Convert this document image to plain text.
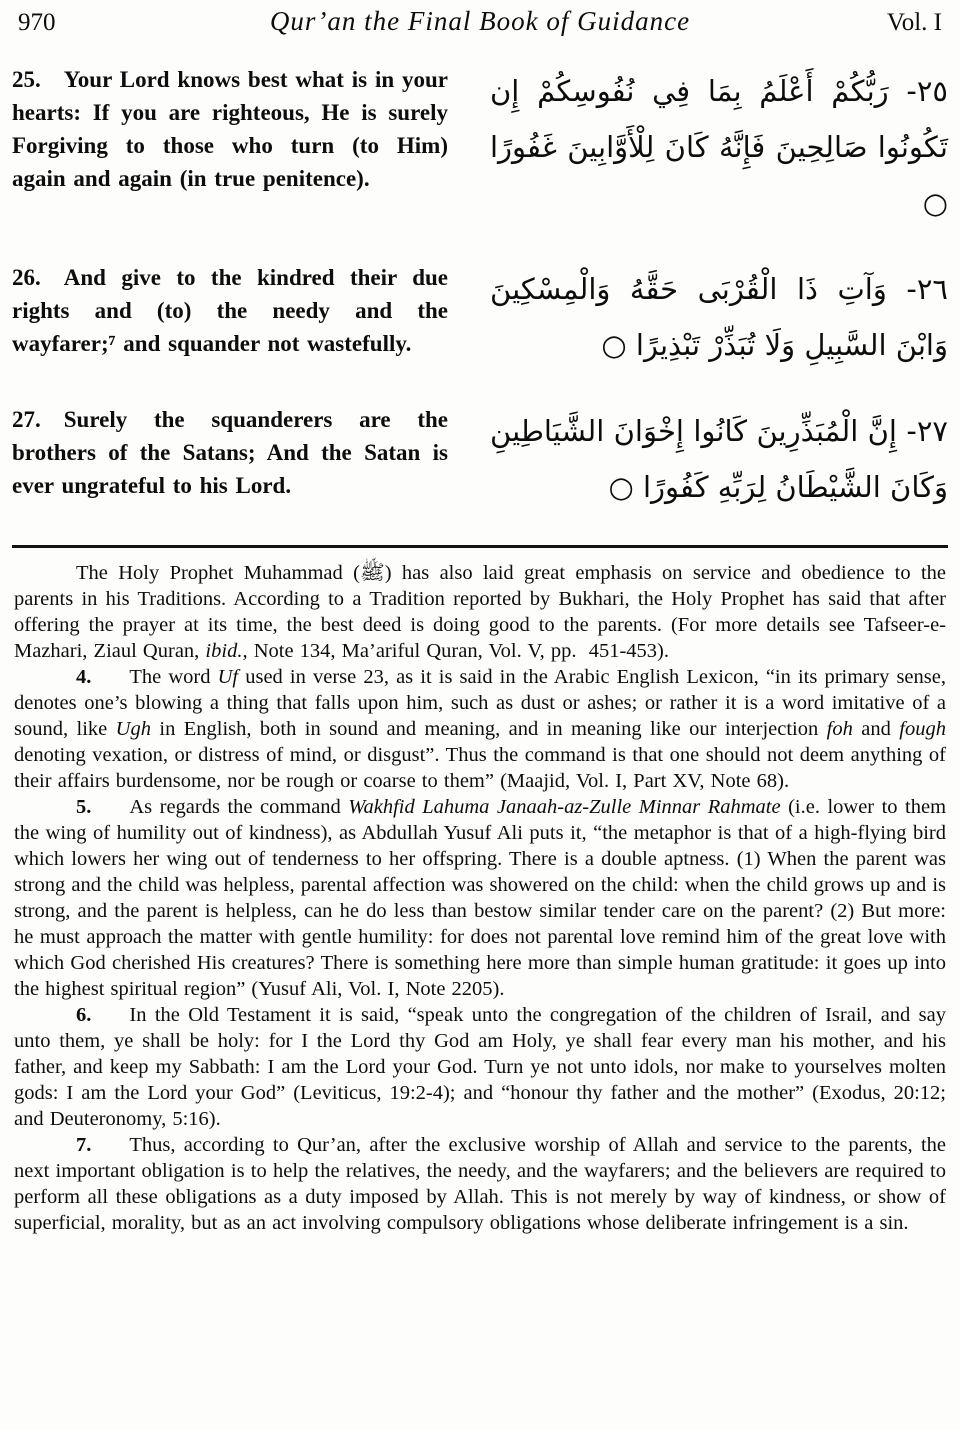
970	Qur’an the Final Book of Guidance	Vol. I

25. Your Lord knows best what is in your hearts: If you are righteous, He is surely Forgiving to those who turn (to Him) again and again (in true penitence).

٢٥- رَبُّكُمْ أَعْلَمُ بِمَا فِي نُفُوسِكُمْ إِن تَكُونُوا صَالِحِينَ فَإِنَّهُ كَانَ لِلْأَوَّابِينَ غَفُورًا ○

26. And give to the kindred their due rights and (to) the needy and the wayfarer;⁷ and squander not wastefully.

٢٦- وَآتِ ذَا الْقُرْبَى حَقَّهُ وَالْمِسْكِينَ وَابْنَ السَّبِيلِ وَلَا تُبَذِّرْ تَبْذِيرًا ○

27. Surely the squanderers are the brothers of the Satans; And the Satan is ever ungrateful to his Lord.

٢٧- إِنَّ الْمُبَذِّرِينَ كَانُوا إِخْوَانَ الشَّيَاطِينِ وَكَانَ الشَّيْطَانُ لِرَبِّهِ كَفُورًا ○

The Holy Prophet Muhammad (ﷺ) has also laid great emphasis on service and obedience to the parents in his Traditions. According to a Tradition reported by Bukhari, the Holy Prophet has said that after offering the prayer at its time, the best deed is doing good to the parents. (For more details see Tafseer-e-Mazhari, Ziaul Quran, ibid., Note 134, Ma’ariful Quran, Vol. V, pp.  451-453).

4. The word Uf used in verse 23, as it is said in the Arabic English Lexicon, “in its primary sense, denotes one’s blowing a thing that falls upon him, such as dust or ashes; or rather it is a word imitative of a sound, like Ugh in English, both in sound and meaning, and in meaning like our interjection foh and fough denoting vexation, or distress of mind, or disgust”. Thus the command is that one should not deem anything of their affairs burdensome, nor be rough or coarse to them” (Maajid, Vol. I, Part XV, Note 68).

5. As regards the command Wakhfid Lahuma Janaah-az-Zulle Minnar Rahmate (i.e. lower to them the wing of humility out of kindness), as Abdullah Yusuf Ali puts it, “the metaphor is that of a high-flying bird which lowers her wing out of tenderness to her offspring. There is a double aptness. (1) When the parent was strong and the child was helpless, parental affection was showered on the child: when the child grows up and is strong, and the parent is helpless, can he do less than bestow similar tender care on the parent? (2) But more: he must approach the matter with gentle humility: for does not parental love remind him of the great love with which God cherished His creatures? There is something here more than simple human gratitude: it goes up into the highest spiritual region” (Yusuf Ali, Vol. I, Note 2205).

6. In the Old Testament it is said, “speak unto the congregation of the children of Israil, and say unto them, ye shall be holy: for I the Lord thy God am Holy, ye shall fear every man his mother, and his father, and keep my Sabbath: I am the Lord your God. Turn ye not unto idols, nor make to yourselves molten gods: I am the Lord your God” (Leviticus, 19:2-4); and “honour thy father and the mother” (Exodus, 20:12; and Deuteronomy, 5:16).

7. Thus, according to Qur’an, after the exclusive worship of Allah and service to the parents, the next important obligation is to help the relatives, the needy, and the wayfarers; and the believers are required to perform all these obligations as a duty imposed by Allah. This is not merely by way of kindness, or show of superficial, morality, but as an act involving compulsory obligations whose deliberate infringement is a sin.
